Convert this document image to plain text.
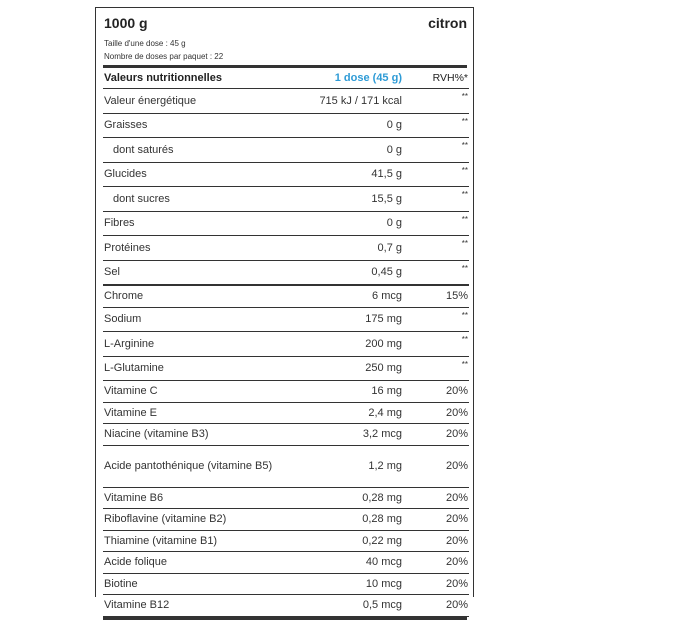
1000 g	citron
Taille d'une dose : 45 g
Nombre de doses par paquet : 22
Valeurs nutritionnelles	1 dose (45 g)	RVH%*
Valeur énergétique	715 kJ / 171 kcal	**
Graisses	0 g	**
dont saturés	0 g	**
Glucides	41,5 g	**
dont sucres	15,5 g	**
Fibres	0 g	**
Protéines	0,7 g	**
Sel	0,45 g	**
Chrome	6 mcg	15%
Sodium	175 mg	**
L-Arginine	200 mg	**
L-Glutamine	250 mg	**
Vitamine C	16 mg	20%
Vitamine E	2,4 mg	20%
Niacine (vitamine B3)	3,2 mcg	20%
Acide pantothénique (vitamine B5)	1,2 mg	20%
Vitamine B6	0,28 mg	20%
Riboflavine (vitamine B2)	0,28 mg	20%
Thiamine (vitamine B1)	0,22 mg	20%
Acide folique	40 mcg	20%
Biotine	10 mcg	20%
Vitamine B12	0,5 mcg	20%
